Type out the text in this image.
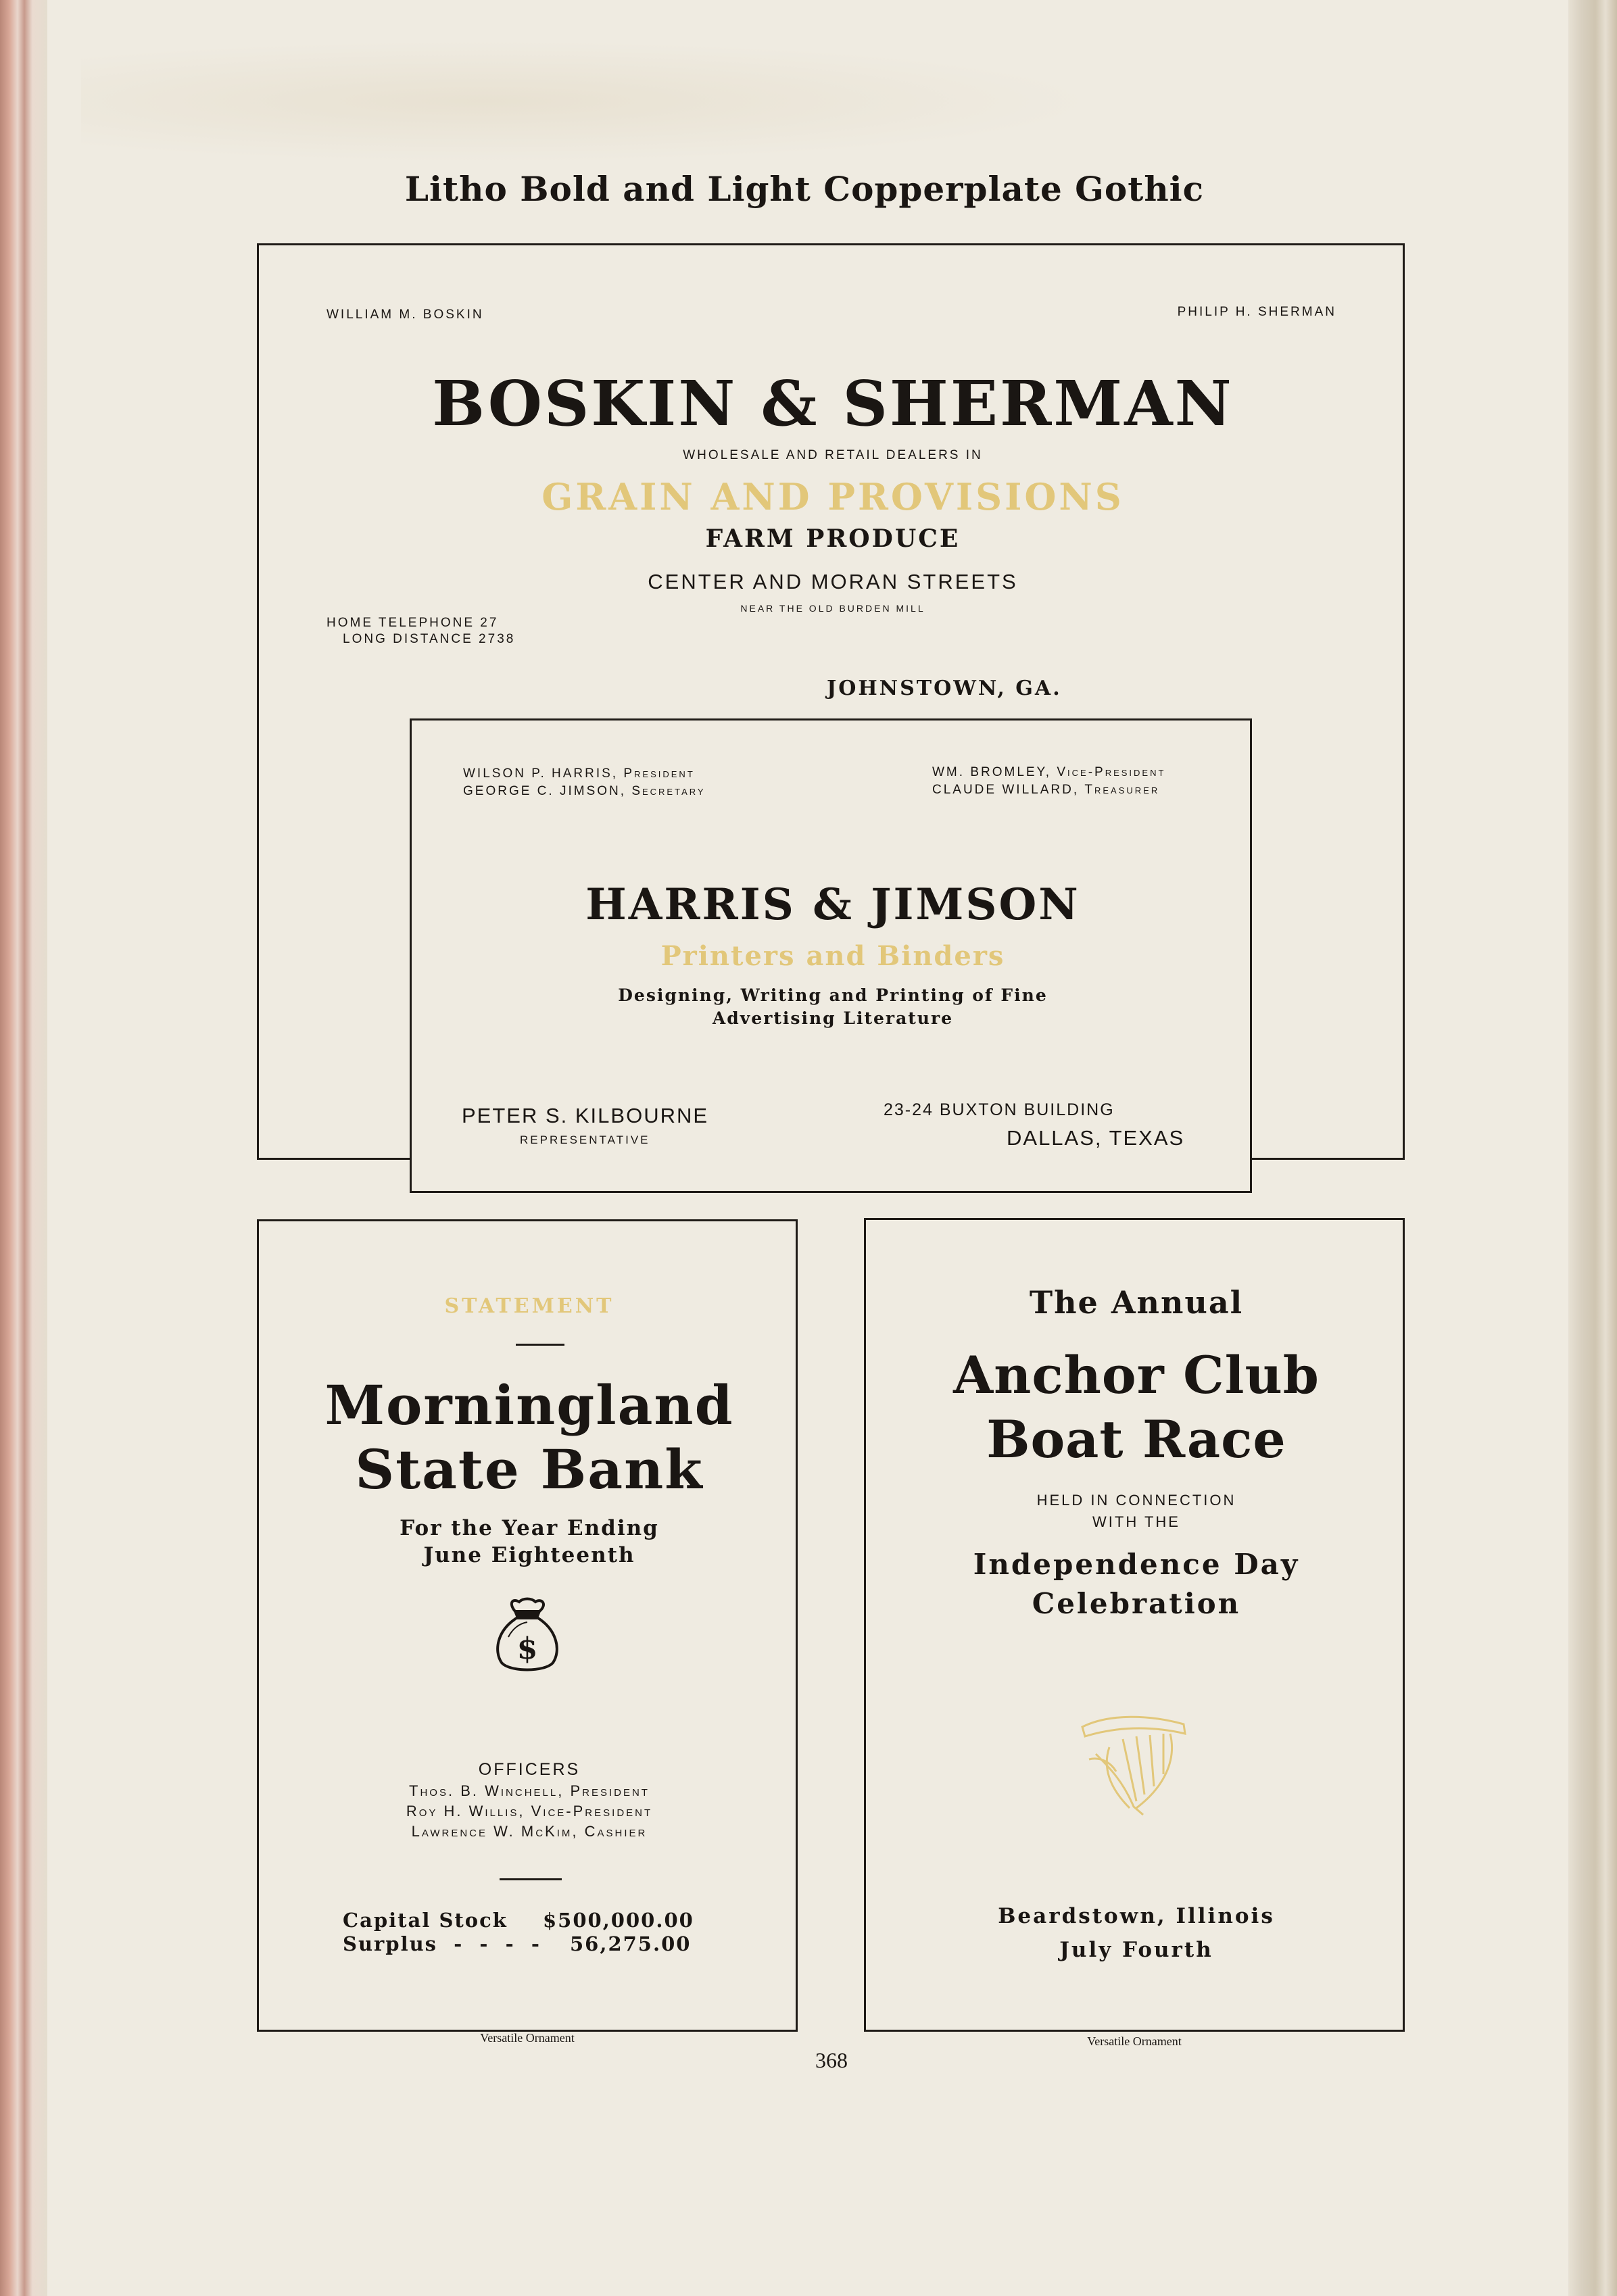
Litho Bold and Light Copperplate Gothic
WILLIAM M. BOSKIN	PHILIP H. SHERMAN
BOSKIN & SHERMAN
WHOLESALE AND RETAIL DEALERS IN
GRAIN AND PROVISIONS
FARM PRODUCE
CENTER AND MORAN STREETS
NEAR THE OLD BURDEN MILL
HOME TELEPHONE 27
LONG DISTANCE 2738
JOHNSTOWN, GA.
WILSON P. HARRIS, President
GEORGE C. JIMSON, Secretary
WM. BROMLEY, Vice-President
CLAUDE WILLARD, Treasurer
HARRIS & JIMSON
Printers and Binders
Designing, Writing and Printing of Fine
Advertising Literature
PETER S. KILBOURNE
REPRESENTATIVE
23-24 BUXTON BUILDING
DALLAS, TEXAS
STATEMENT
Morningland
State Bank
For the Year Ending
June Eighteenth
$
OFFICERS
Thos. B. Winchell, President
Roy H. Willis, Vice-President
Lawrence W. McKim, Cashier
Capital Stock $500,000.00
Surplus  -  -  -  - 56,275.00
Versatile Ornament
The Annual
Anchor Club
Boat Race
HELD IN CONNECTION
WITH THE
Independence Day
Celebration
Beardstown, Illinois
July Fourth
Versatile Ornament
368
